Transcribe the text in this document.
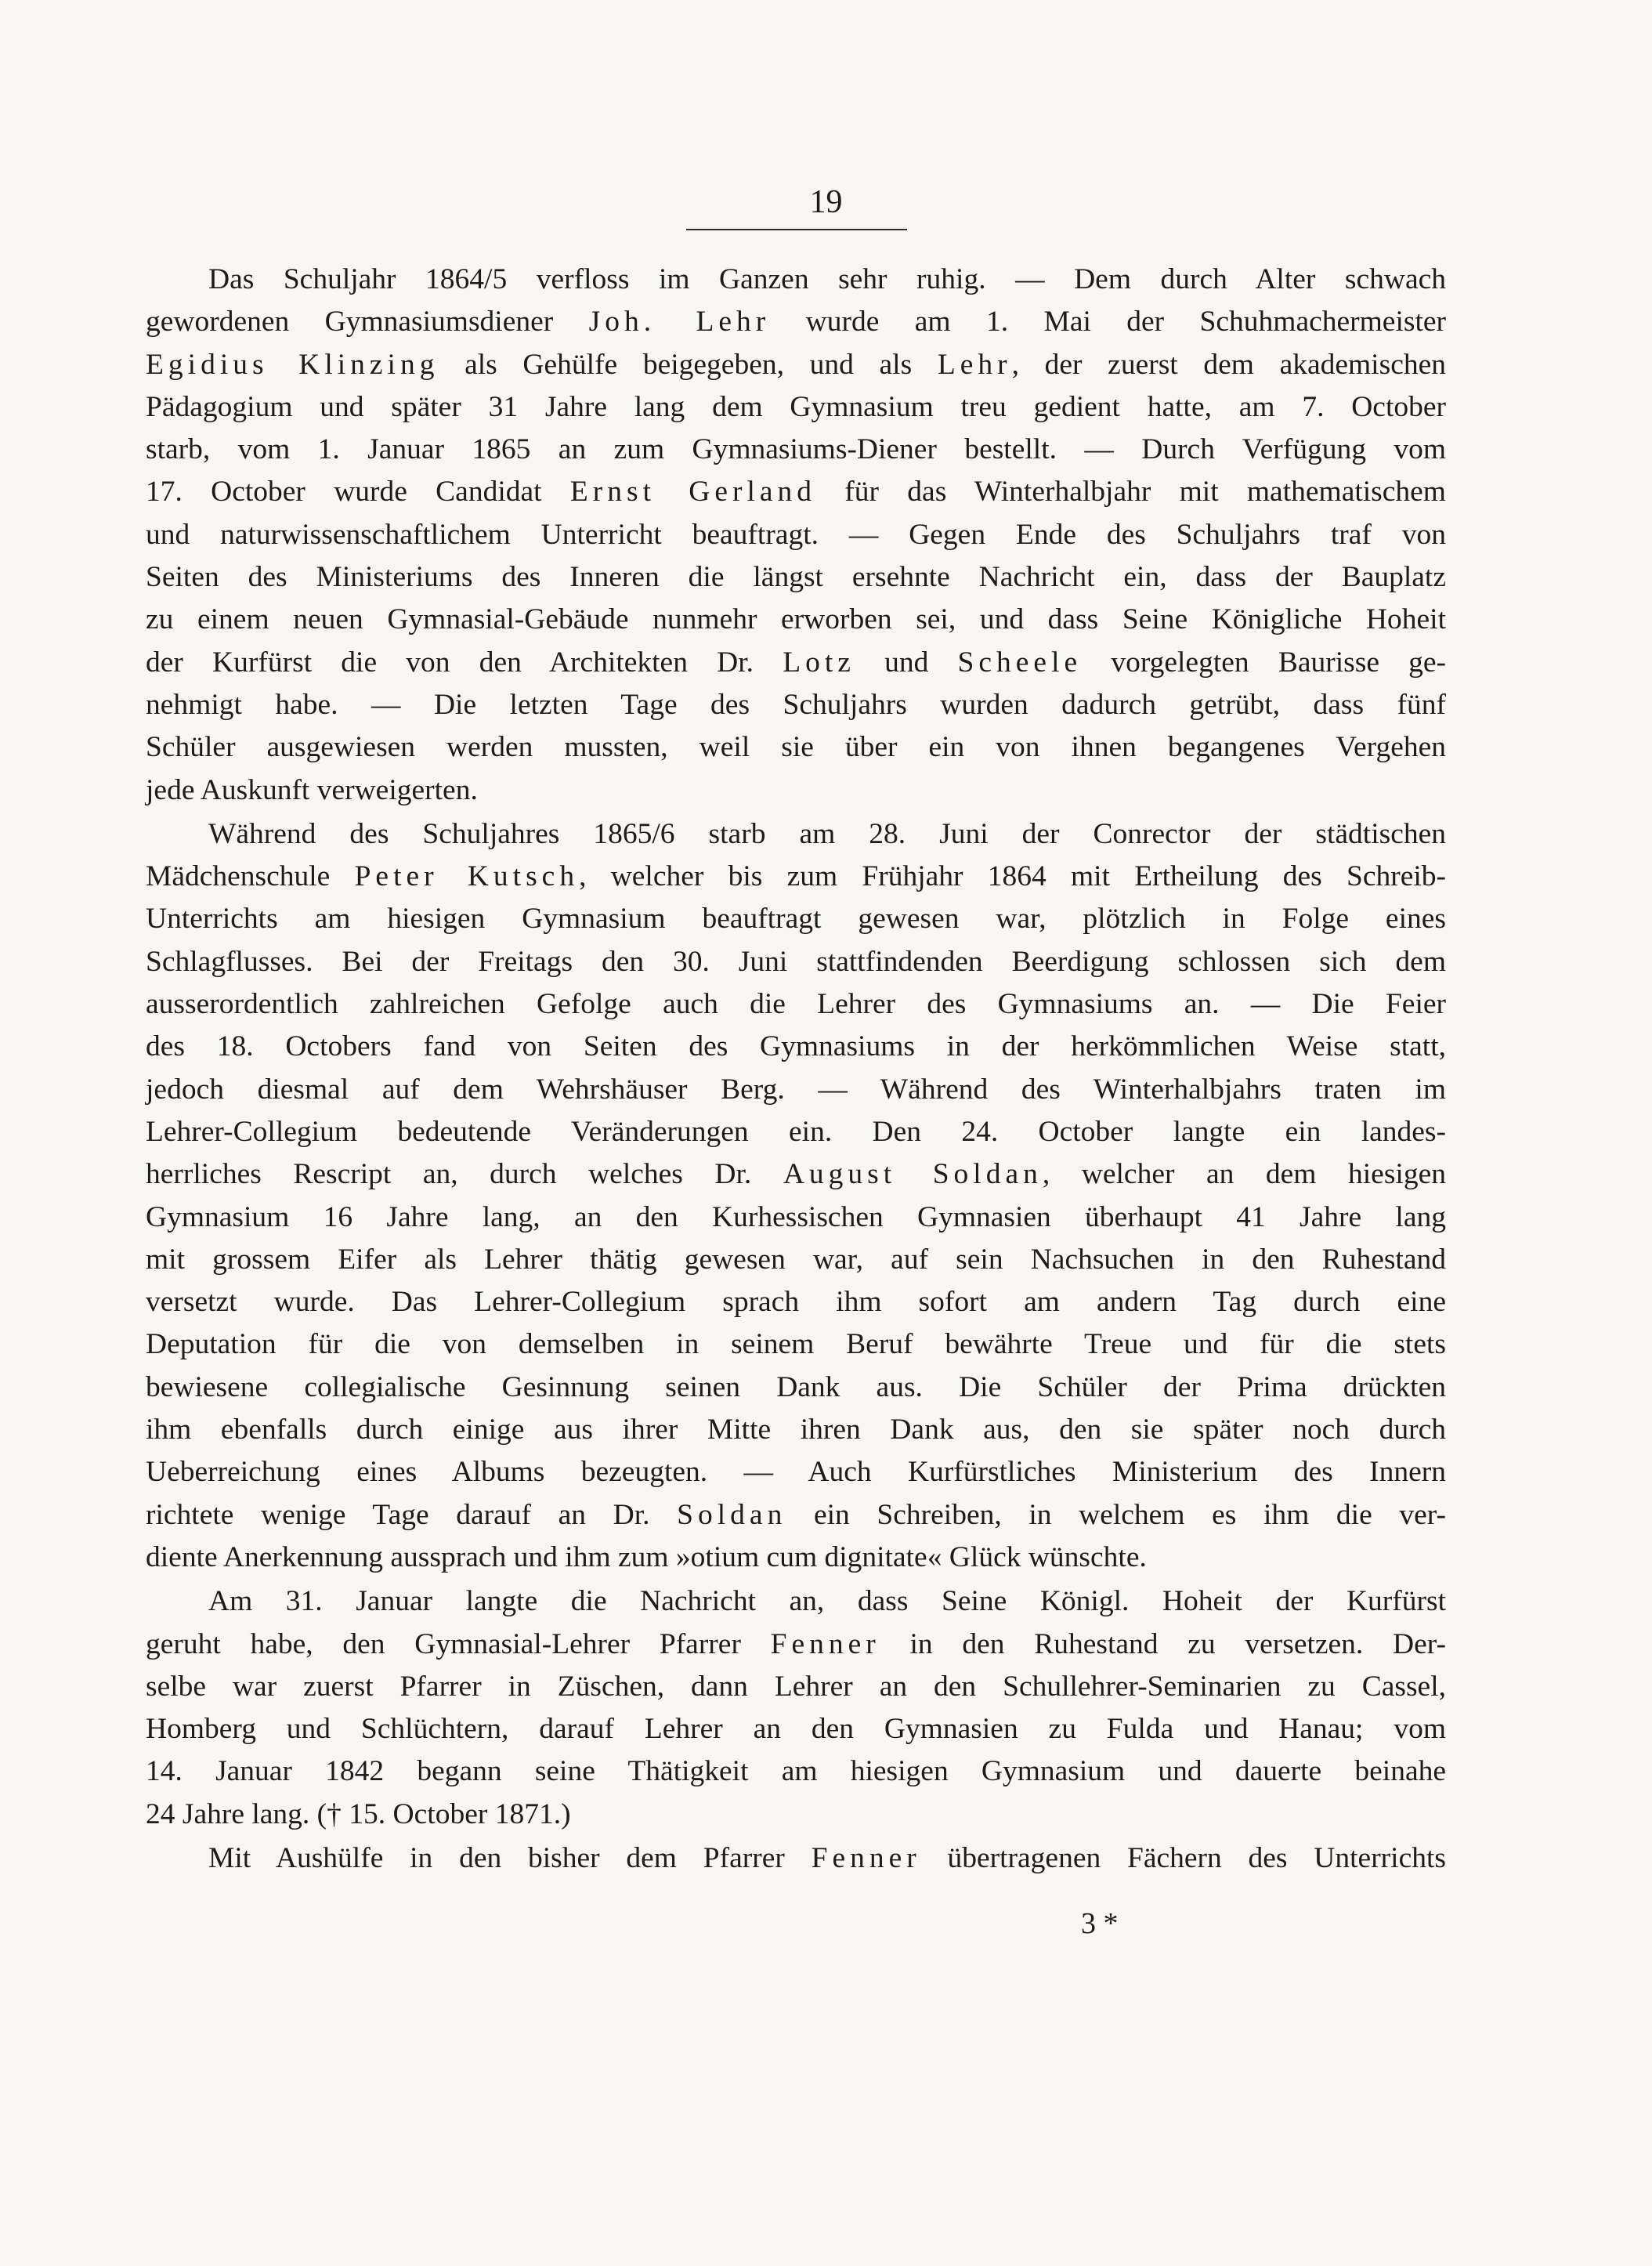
19

Das Schuljahr 1864/5 verfloss im Ganzen sehr ruhig. — Dem durch Alter schwach
gewordenen Gymnasiumsdiener Joh. Lehr wurde am 1. Mai der Schuhmachermeister
Egidius Klinzing als Gehülfe beigegeben, und als Lehr, der zuerst dem akademischen
Pädagogium und später 31 Jahre lang dem Gymnasium treu gedient hatte, am 7. October
starb, vom 1. Januar 1865 an zum Gymnasiums-Diener bestellt. — Durch Verfügung vom
17. October wurde Candidat Ernst Gerland für das Winterhalbjahr mit mathematischem
und naturwissenschaftlichem Unterricht beauftragt. — Gegen Ende des Schuljahrs traf von
Seiten des Ministeriums des Inneren die längst ersehnte Nachricht ein, dass der Bauplatz
zu einem neuen Gymnasial-Gebäude nunmehr erworben sei, und dass Seine Königliche Hoheit
der Kurfürst die von den Architekten Dr. Lotz und Scheele vorgelegten Baurisse ge-
nehmigt habe. — Die letzten Tage des Schuljahrs wurden dadurch getrübt, dass fünf
Schüler ausgewiesen werden mussten, weil sie über ein von ihnen begangenes Vergehen
jede Auskunft verweigerten.

Während des Schuljahres 1865/6 starb am 28. Juni der Conrector der städtischen
Mädchenschule Peter Kutsch, welcher bis zum Frühjahr 1864 mit Ertheilung des Schreib-
Unterrichts am hiesigen Gymnasium beauftragt gewesen war, plötzlich in Folge eines
Schlagflusses. Bei der Freitags den 30. Juni stattfindenden Beerdigung schlossen sich dem
ausserordentlich zahlreichen Gefolge auch die Lehrer des Gymnasiums an. — Die Feier
des 18. Octobers fand von Seiten des Gymnasiums in der herkömmlichen Weise statt,
jedoch diesmal auf dem Wehrshäuser Berg. — Während des Winterhalbjahrs traten im
Lehrer-Collegium bedeutende Veränderungen ein. Den 24. October langte ein landes-
herrliches Rescript an, durch welches Dr. August Soldan, welcher an dem hiesigen
Gymnasium 16 Jahre lang, an den Kurhessischen Gymnasien überhaupt 41 Jahre lang
mit grossem Eifer als Lehrer thätig gewesen war, auf sein Nachsuchen in den Ruhestand
versetzt wurde. Das Lehrer-Collegium sprach ihm sofort am andern Tag durch eine
Deputation für die von demselben in seinem Beruf bewährte Treue und für die stets
bewiesene collegialische Gesinnung seinen Dank aus. Die Schüler der Prima drückten
ihm ebenfalls durch einige aus ihrer Mitte ihren Dank aus, den sie später noch durch
Ueberreichung eines Albums bezeugten. — Auch Kurfürstliches Ministerium des Innern
richtete wenige Tage darauf an Dr. Soldan ein Schreiben, in welchem es ihm die ver-
diente Anerkennung aussprach und ihm zum »otium cum dignitate« Glück wünschte.

Am 31. Januar langte die Nachricht an, dass Seine Königl. Hoheit der Kurfürst
geruht habe, den Gymnasial-Lehrer Pfarrer Fenner in den Ruhestand zu versetzen. Der-
selbe war zuerst Pfarrer in Züschen, dann Lehrer an den Schullehrer-Seminarien zu Cassel,
Homberg und Schlüchtern, darauf Lehrer an den Gymnasien zu Fulda und Hanau; vom
14. Januar 1842 begann seine Thätigkeit am hiesigen Gymnasium und dauerte beinahe
24 Jahre lang. († 15. October 1871.)

Mit Aushülfe in den bisher dem Pfarrer Fenner übertragenen Fächern des Unterrichts

3 *
